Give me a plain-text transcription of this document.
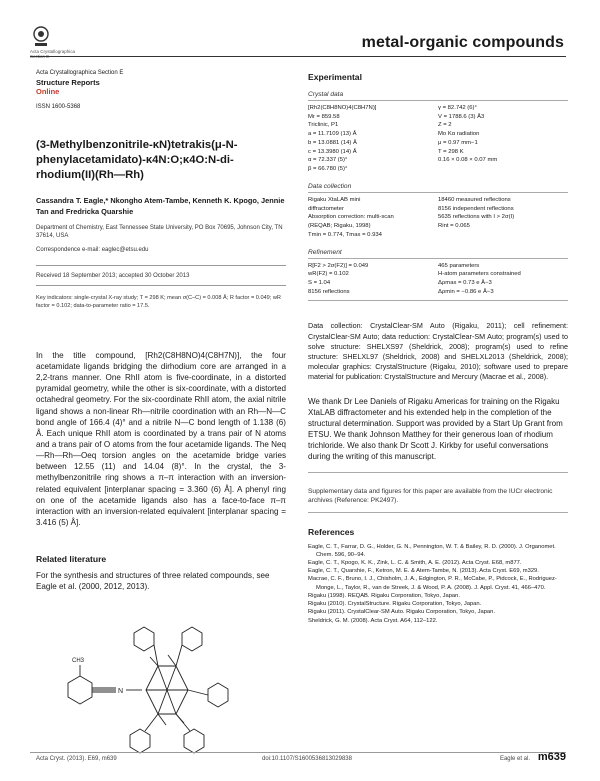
Acta Crystallographica Section E
metal-organic compounds
Acta Crystallographica Section E
Structure Reports
Online
ISSN 1600-5368
(3-Methylbenzonitrile-κN)tetrakis(μ-N-phenylacetamidato)-κ4N:O;κ4O:N-di-rhodium(II)(Rh—Rh)
Cassandra T. Eagle,* Nkongho Atem-Tambe, Kenneth K. Kpogo, Jennie Tan and Fredricka Quarshie
Department of Chemistry, East Tennessee State University, PO Box 70695, Johnson City, TN 37614, USA
Correspondence e-mail: eaglec@etsu.edu
Received 18 September 2013; accepted 30 October 2013
Key indicators: single-crystal X-ray study; T = 298 K; mean σ(C–C) = 0.008 Å; R factor = 0.049; wR factor = 0.102; data-to-parameter ratio = 17.5.
In the title compound, [Rh2(C8H8NO)4(C8H7N)], the four acetamidate ligands bridging the dirhodium core are arranged in a 2,2-trans manner. One RhII atom is five-coordinate, in a distorted pyramidal geometry, while the other is six-coordinate, with a distorted octahedral geometry. For the six-coordinate RhII atom, the axial nitrile ligand shows a non-linear Rh—nitrile coordination with an Rh—N—C bond angle of 166.4 (4)° and a nitrile N—C bond length of 1.138 (6) Å. Each unique RhII atom is coordinated by a trans pair of N atoms and a trans pair of O atoms from the four acetamide ligands. The Neq—Rh—Rh—Oeq torsion angles on the acetamide bridge varies between 12.55 (11) and 14.04 (8)°. In the crystal, the 3-methylbenzonitrile ring shows a π–π interaction with an inversion-related equivalent [interplanar spacing = 3.360 (6) Å]. A phenyl ring on one of the acetamide ligands also has a face-to-face π–π interaction with an inversion-related equivalent [interplanar spacing = 3.416 (5) Å].
Related literature
For the synthesis and structures of three related compounds, see Eagle et al. (2000, 2012, 2013).
N
CH3
Experimental
Crystal data
[Rh2(C8H8NO)4(C8H7N)]
Mr = 859.58
Triclinic, P1
a = 11.7109 (13) Å
b = 13.0881 (14) Å
c = 13.3980 (14) Å
α = 72.337 (5)°
β = 66.780 (5)°
γ = 82.742 (6)°
V = 1788.6 (3) Å3
Z = 2
Mo Kα radiation
μ = 0.97 mm−1
T = 298 K
0.16 × 0.08 × 0.07 mm
Data collection
Rigaku XtaLAB mini
diffractometer
Absorption correction: multi-scan
(REQAB; Rigaku, 1998)
Tmin = 0.774, Tmax = 0.934
18460 measured reflections
8156 independent reflections
5635 reflections with I > 2σ(I)
Rint = 0.065
Refinement
R[F2 > 2σ(F2)] = 0.049
wR(F2) = 0.102
S = 1.04
8156 reflections
465 parameters
H-atom parameters constrained
Δρmax = 0.73 e Å−3
Δρmin = −0.86 e Å−3
Data collection: CrystalClear-SM Auto (Rigaku, 2011); cell refinement: CrystalClear-SM Auto; data reduction: CrystalClear-SM Auto; program(s) used to solve structure: SHELXS97 (Sheldrick, 2008); program(s) used to refine structure: SHELXL97 (Sheldrick, 2008) and SHELXL2013 (Sheldrick, 2008); molecular graphics: CrystalStructure (Rigaku, 2010); software used to prepare material for publication: CrystalStructure and Mercury (Macrae et al., 2008).
We thank Dr Lee Daniels of Rigaku Americas for training on the Rigaku XtaLAB diffractometer and his extended help in the completion of the structural determination. Support was provided by a Start Up Grant from ETSU. We thank Johnson Matthey for their generous loan of rhodium trichloride. We also thank Dr Scott J. Kirkby for useful conversations during the writing of this manuscript.
Supplementary data and figures for this paper are available from the IUCr electronic archives (Reference: PK2497).
References
Eagle, C. T., Farrar, D. G., Holder, G. N., Pennington, W. T. & Bailey, R. D. (2000). J. Organomet. Chem. 596, 90–94.
Eagle, C. T., Kpogo, K. K., Zink, L. C. & Smith, A. E. (2012). Acta Cryst. E68, m877.
Eagle, C. T., Quarshie, F., Ketron, M. E. & Atem-Tambe, N. (2013). Acta Cryst. E69, m329.
Macrae, C. F., Bruno, I. J., Chisholm, J. A., Edgington, P. R., McCabe, P., Pidcock, E., Rodriguez-Monge, L., Taylor, R., van de Streek, J. & Wood, P. A. (2008). J. Appl. Cryst. 41, 466–470.
Rigaku (1998). REQAB. Rigaku Corporation, Tokyo, Japan.
Rigaku (2010). CrystalStructure. Rigaku Corporation, Tokyo, Japan.
Rigaku (2011). CrystalClear-SM Auto. Rigaku Corporation, Tokyo, Japan.
Sheldrick, G. M. (2008). Acta Cryst. A64, 112–122.
Acta Cryst. (2013). E69, m639	doi:10.1107/S1600536813029838	Eagle et al. m639
